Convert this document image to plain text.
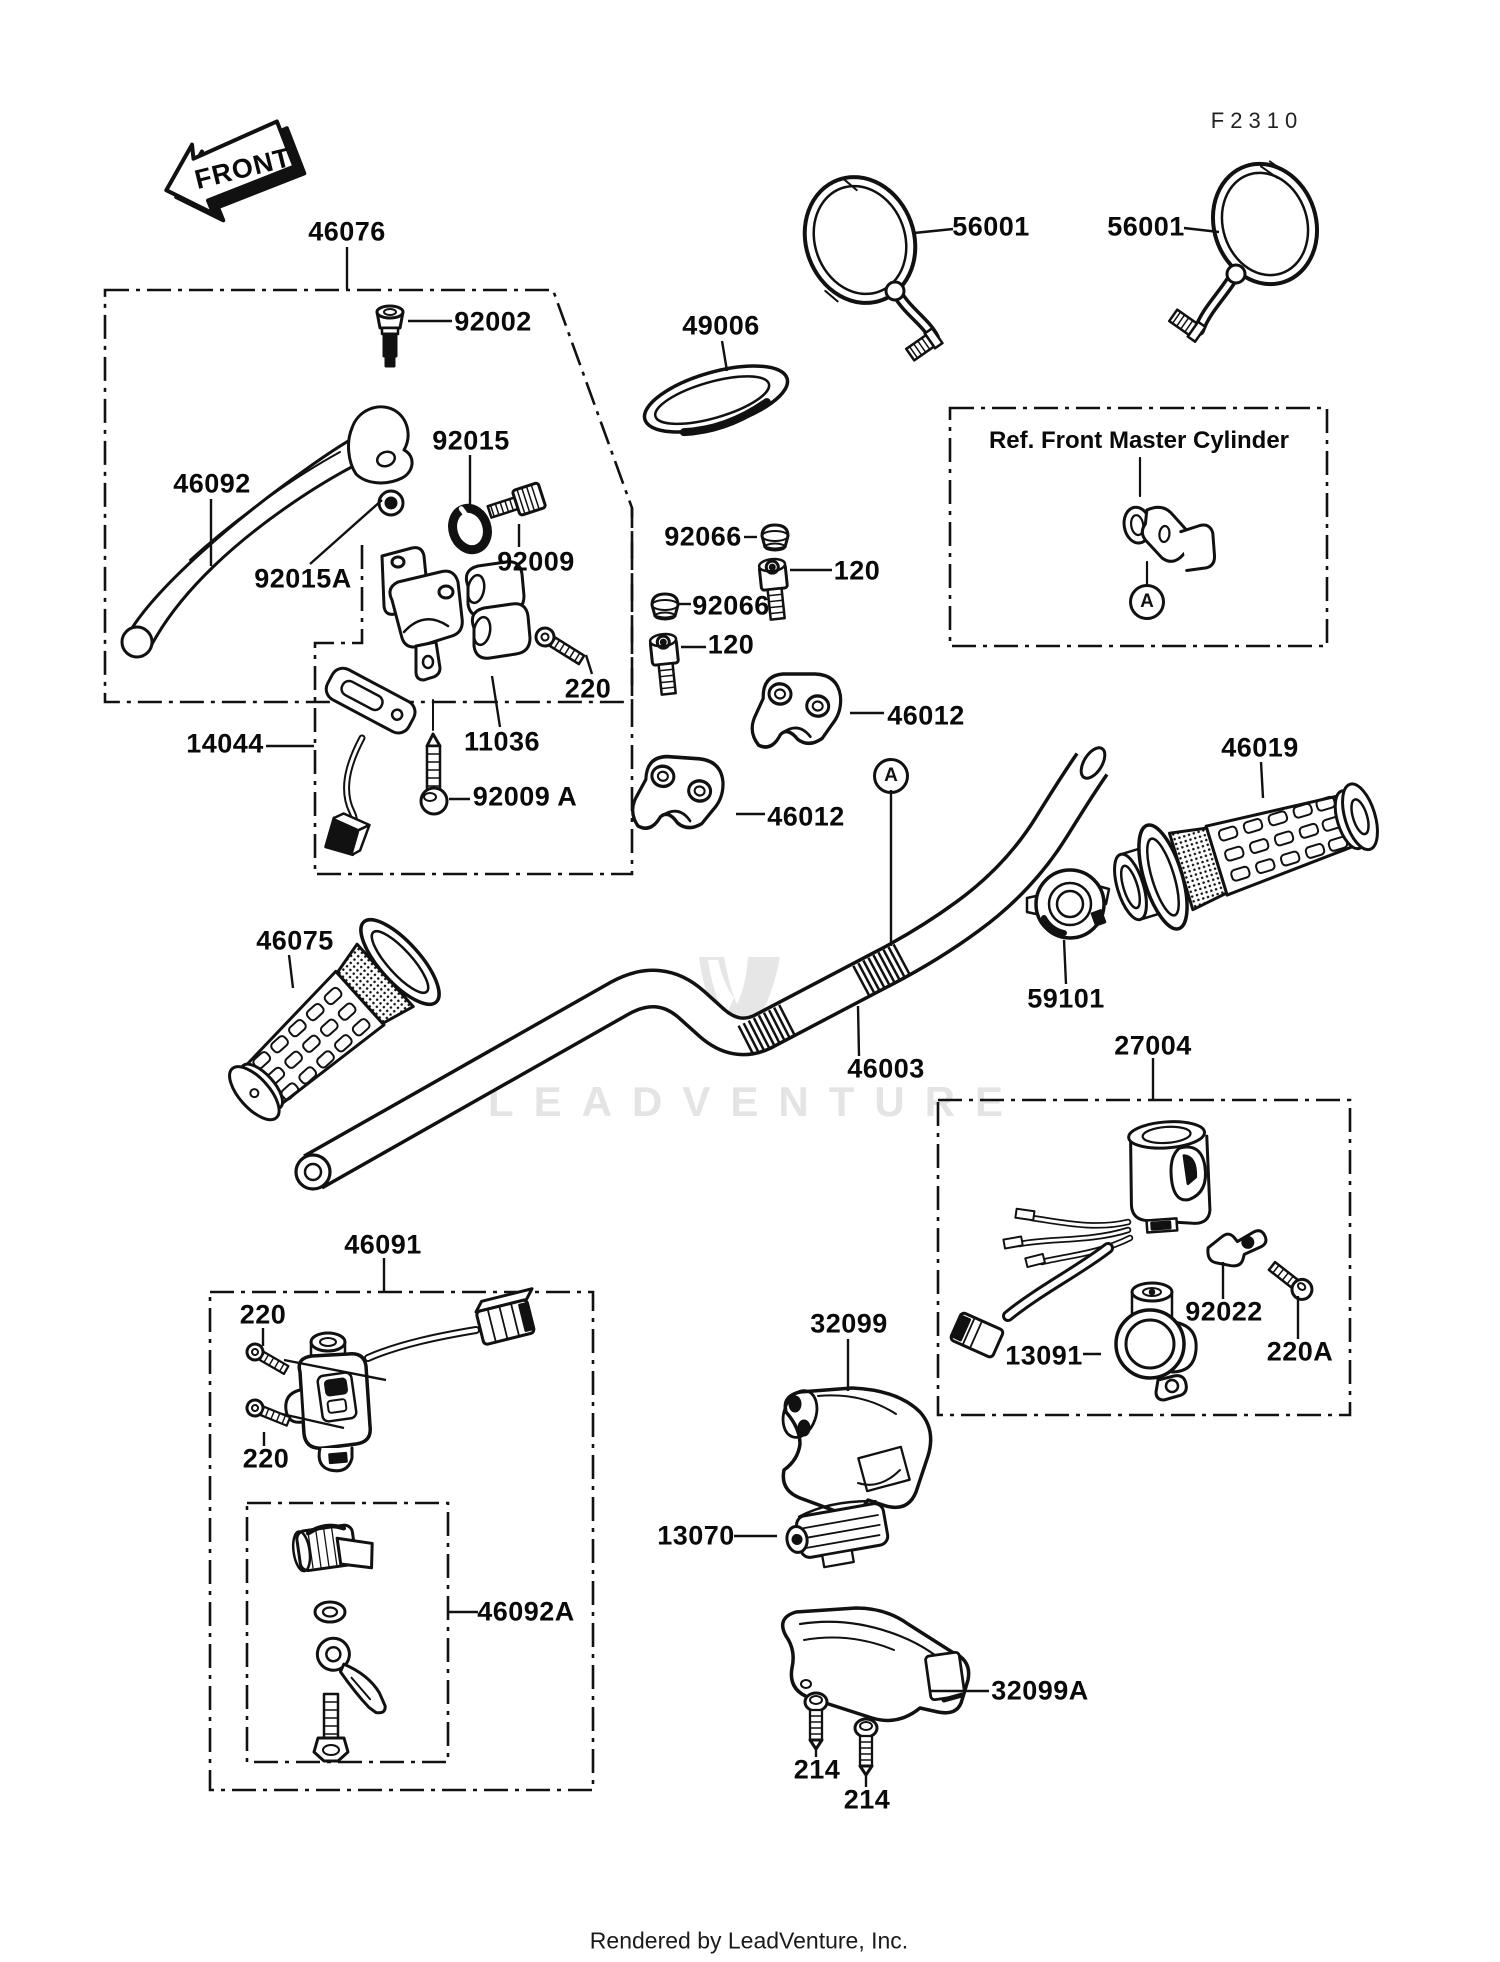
LEADVENTURE
FRONT
F2310
Ref. Front Master Cylinder
46076
92002	49006
56001	56001
92015
46092
92015A
92009
92066
120
92066
120
220
11036
14044
92009 A
46012
46012
46075
46019
59101
46003
27004
13091
92022
220A
46091
220
220
46092A
32099
13070
32099A
214
214
A
A
Rendered by LeadVenture, Inc.
